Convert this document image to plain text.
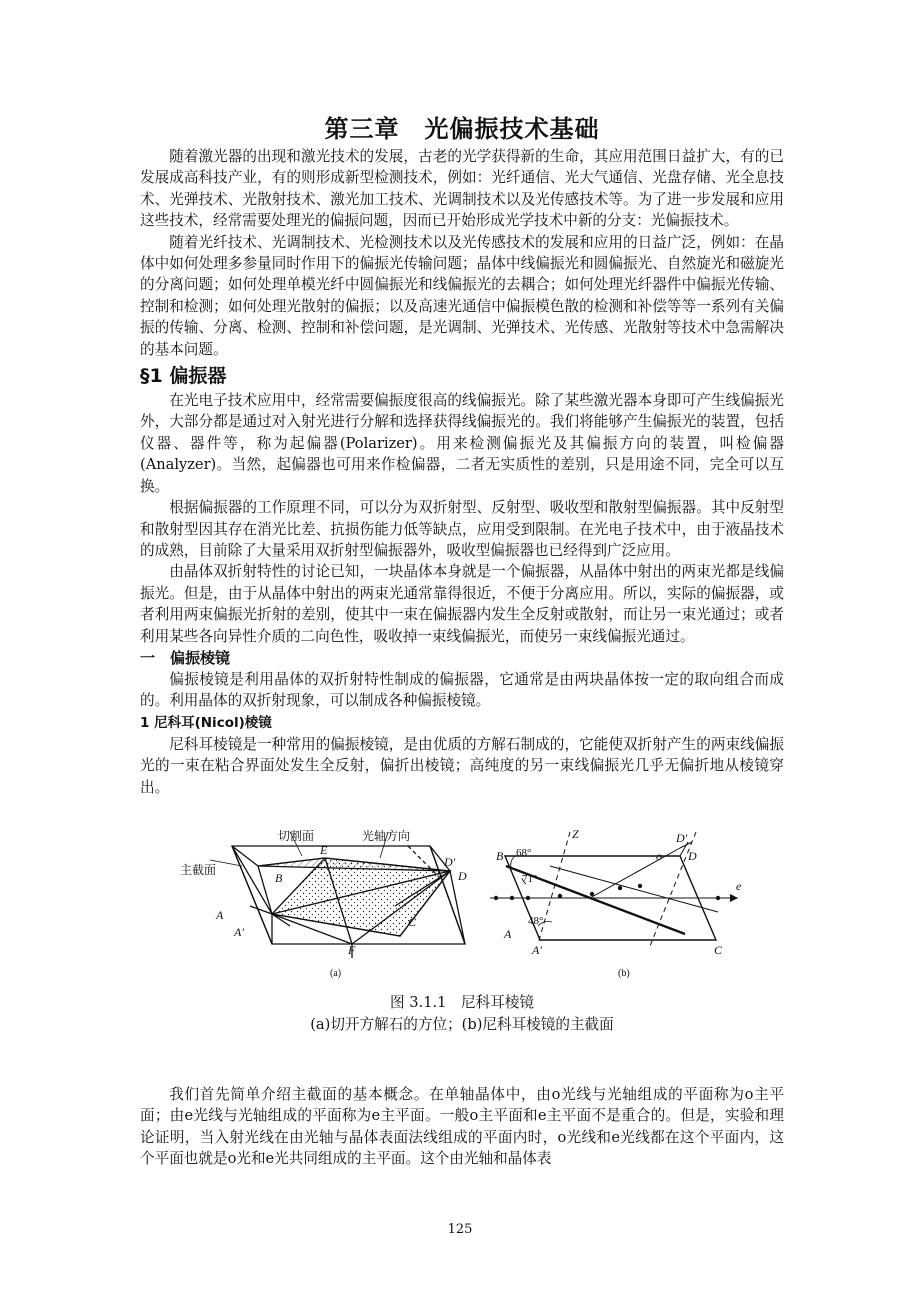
第三章　光偏振技术基础

随着激光器的出现和激光技术的发展，古老的光学获得新的生命，其应用范围日益扩大，有的已发展成高科技产业，有的则形成新型检测技术，例如：光纤通信、光大气通信、光盘存储、光全息技术、光弹技术、光散射技术、激光加工技术、光调制技术以及光传感技术等。为了进一步发展和应用这些技术，经常需要处理光的偏振问题，因而已开始形成光学技术中新的分支：光偏振技术。

随着光纤技术、光调制技术、光检测技术以及光传感技术的发展和应用的日益广泛，例如：在晶体中如何处理多参量同时作用下的偏振光传输问题；晶体中线偏振光和圆偏振光、自然旋光和磁旋光的分离问题；如何处理单模光纤中圆偏振光和线偏振光的去耦合；如何处理光纤器件中偏振光传输、控制和检测；如何处理光散射的偏振；以及高速光通信中偏振模色散的检测和补偿等等一系列有关偏振的传输、分离、检测、控制和补偿问题，是光调制、光弹技术、光传感、光散射等技术中急需解决的基本问题。

§1 偏振器

在光电子技术应用中，经常需要偏振度很高的线偏振光。除了某些激光器本身即可产生线偏振光外，大部分都是通过对入射光进行分解和选择获得线偏振光的。我们将能够产生偏振光的装置，包括仪器、器件等，称为起偏器(Polarizer)。用来检测偏振光及其偏振方向的装置，叫检偏器(Analyzer)。当然，起偏器也可用来作检偏器，二者无实质性的差别，只是用途不同，完全可以互换。

根据偏振器的工作原理不同，可以分为双折射型、反射型、吸收型和散射型偏振器。其中反射型和散射型因其存在消光比差、抗损伤能力低等缺点，应用受到限制。在光电子技术中，由于液晶技术的成熟，目前除了大量采用双折射型偏振器外，吸收型偏振器也已经得到广泛应用。

由晶体双折射特性的讨论已知，一块晶体本身就是一个偏振器，从晶体中射出的两束光都是线偏振光。但是，由于从晶体中射出的两束光通常靠得很近，不便于分离应用。所以，实际的偏振器，或者利用两束偏振光折射的差别，使其中一束在偏振器内发生全反射或散射，而让另一束光通过；或者利用某些各向异性介质的二向色性，吸收掉一束线偏振光，而使另一束线偏振光通过。

一　偏振棱镜

偏振棱镜是利用晶体的双折射特性制成的偏振器，它通常是由两块晶体按一定的取向组合而成的。利用晶体的双折射现象，可以制成各种偏振棱镜。

1 尼科耳(Nicol)棱镜

尼科耳棱镜是一种常用的偏振棱镜，是由优质的方解石制成的，它能使双折射产生的两束线偏振光的一束在粘合界面处发生全反射，偏折出棱镜；高纯度的另一束线偏振光几乎无偏折地从棱镜穿出。

切割面	光轴方向
主截面
E
B
D′
D
A
A′
C
F
(a)
Z	D′
o D
e
B 68°
71°
48°
A
A′	C
(b)
图 3.1.1　尼科耳棱镜
(a)切开方解石的方位；(b)尼科耳棱镜的主截面

我们首先简单介绍主截面的基本概念。在单轴晶体中，由o光线与光轴组成的平面称为o主平面；由e光线与光轴组成的平面称为e主平面。一般o主平面和e主平面不是重合的。但是，实验和理论证明，当入射光线在由光轴与晶体表面法线组成的平面内时，o光线和e光线都在这个平面内，这个平面也就是o光和e光共同组成的主平面。这个由光轴和晶体表

125
